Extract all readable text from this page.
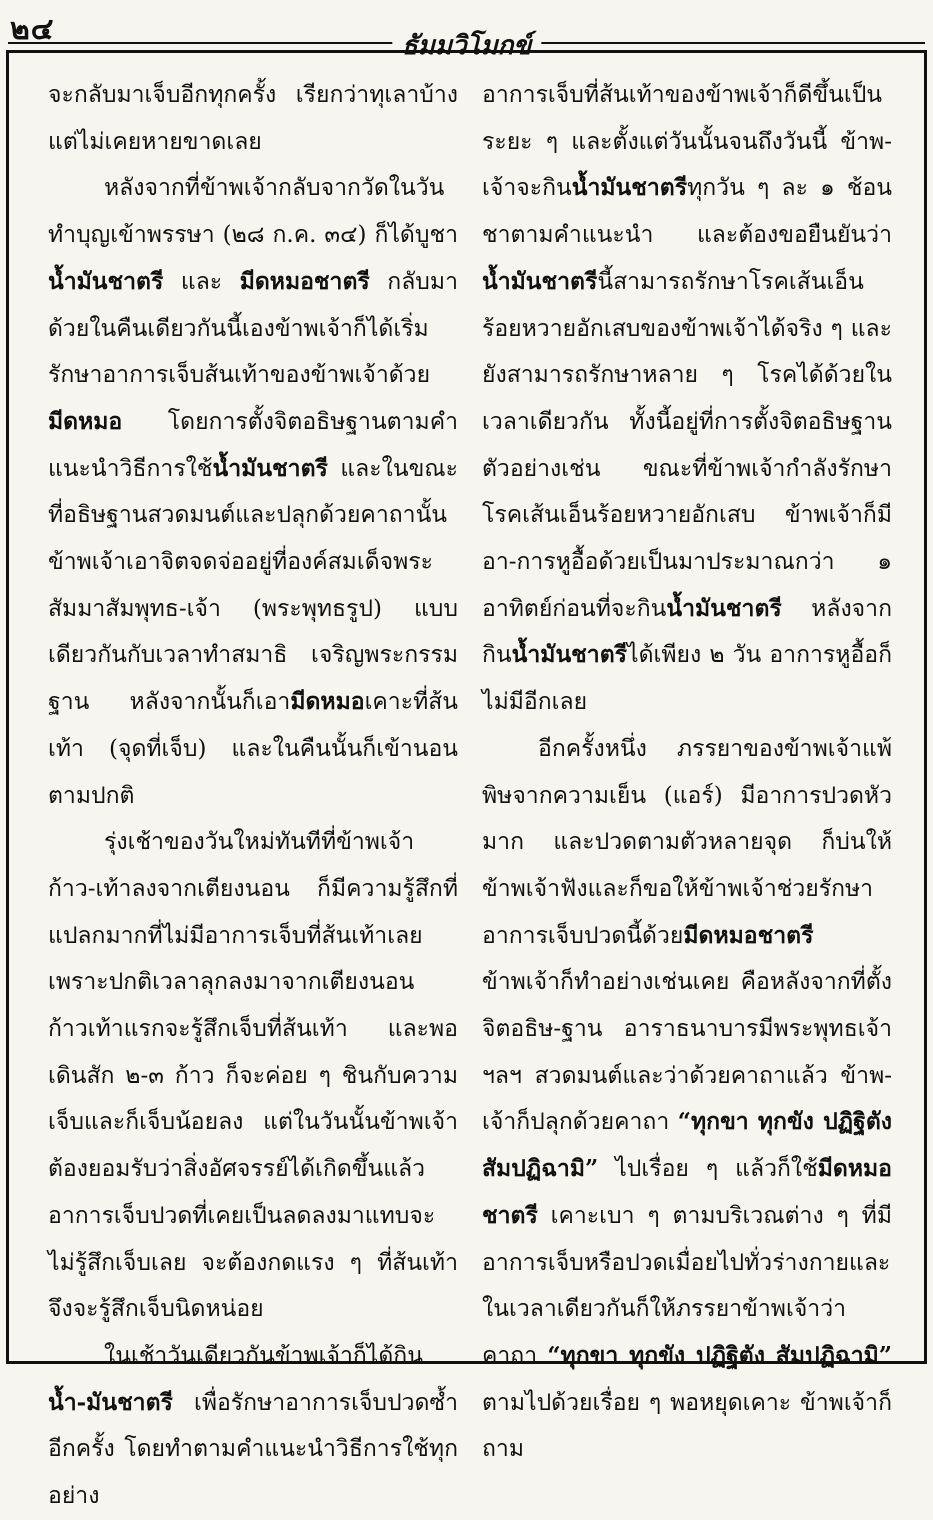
๒๔	ธัมมวิโมกข์

จะกลับมาเจ็บอีกทุกครั้ง เรียกว่าทุเลาบ้าง แต่ไม่เคยหายขาดเลย

หลังจากที่ข้าพเจ้ากลับจากวัดในวันทำบุญเข้าพรรษา (๒๘ ก.ค. ๓๔) ก็ได้บูชา น้ำมันชาตรี และ มีดหมอชาตรี กลับมาด้วยในคืนเดียวกันนี้เองข้าพเจ้าก็ได้เริ่มรักษาอาการเจ็บส้นเท้าของข้าพเจ้าด้วยมีดหมอ โดยการตั้งจิตอธิษฐานตามคำแนะนำวิธีการใช้น้ำมันชาตรี และในขณะที่อธิษฐานสวดมนต์และปลุกด้วยคาถานั้น ข้าพเจ้าเอาจิตจดจ่ออยู่ที่องค์สมเด็จพระสัมมาสัมพุทธ-เจ้า (พระพุทธรูป) แบบเดียวกันกับเวลาทำสมาธิ เจริญพระกรรมฐาน หลังจากนั้นก็เอามีดหมอเคาะที่ส้นเท้า (จุดที่เจ็บ) และในคืนนั้นก็เข้านอนตามปกติ

รุ่งเช้าของวันใหม่ทันทีที่ข้าพเจ้าก้าว-เท้าลงจากเตียงนอน ก็มีความรู้สึกที่แปลกมากที่ไม่มีอาการเจ็บที่ส้นเท้าเลย เพราะปกติเวลาลุกลงมาจากเตียงนอน ก้าวเท้าแรกจะรู้สึกเจ็บที่ส้นเท้า และพอเดินสัก ๒-๓ ก้าว ก็จะค่อย ๆ ชินกับความเจ็บและก็เจ็บน้อยลง แต่ในวันนั้นข้าพเจ้าต้องยอมรับว่าสิ่งอัศจรรย์ได้เกิดขึ้นแล้ว อาการเจ็บปวดที่เคยเป็นลดลงมาแทบจะไม่รู้สึกเจ็บเลย จะต้องกดแรง ๆ ที่ส้นเท้าจึงจะรู้สึกเจ็บนิดหน่อย

ในเช้าวันเดียวกันข้าพเจ้าก็ได้กินน้ำ-มันชาตรี เพื่อรักษาอาการเจ็บปวดซ้ำอีกครั้ง โดยทำตามคำแนะนำวิธีการใช้ทุกอย่าง

อาการเจ็บที่ส้นเท้าของข้าพเจ้าก็ดีขึ้นเป็นระยะ ๆ และตั้งแต่วันนั้นจนถึงวันนี้ ข้าพ-เจ้าจะกินน้ำมันชาตรีทุกวัน ๆ ละ ๑ ช้อนชาตามคำแนะนำ และต้องขอยืนยันว่าน้ำมันชาตรีนี้สามารถรักษาโรคเส้นเอ็นร้อยหวายอักเสบของข้าพเจ้าได้จริง ๆ และยังสามารถรักษาหลาย ๆ โรคได้ด้วยในเวลาเดียวกัน ทั้งนี้อยู่ที่การตั้งจิตอธิษฐาน ตัวอย่างเช่น ขณะที่ข้าพเจ้ากำลังรักษาโรคเส้นเอ็นร้อยหวายอักเสบ ข้าพเจ้าก็มีอา-การหูอื้อด้วยเป็นมาประมาณกว่า ๑ อาทิตย์ก่อนที่จะกินน้ำมันชาตรี หลังจากกินน้ำมันชาตรีได้เพียง ๒ วัน อาการหูอื้อก็ไม่มีอีกเลย

อีกครั้งหนึ่ง ภรรยาของข้าพเจ้าแพ้พิษจากความเย็น (แอร์) มีอาการปวดหัวมาก และปวดตามตัวหลายจุด ก็บ่นให้ข้าพเจ้าฟังและก็ขอให้ข้าพเจ้าช่วยรักษาอาการเจ็บปวดนี้ด้วยมีดหมอชาตรี ข้าพเจ้าก็ทำอย่างเช่นเคย คือหลังจากที่ตั้งจิตอธิษ-ฐาน อาราธนาบารมีพระพุทธเจ้า ฯลฯ สวดมนต์และว่าด้วยคาถาแล้ว ข้าพ-เจ้าก็ปลุกด้วยคาถา “ทุกขา ทุกขัง ปฏิฐิตัง สัมปฏิฉามิ” ไปเรื่อย ๆ แล้วก็ใช้มีดหมอชาตรี เคาะเบา ๆ ตามบริเวณต่าง ๆ ที่มีอาการเจ็บหรือปวดเมื่อยไปทั่วร่างกายและในเวลาเดียวกันก็ให้ภรรยาข้าพเจ้าว่าคาถา “ทุกขา ทุกขัง ปฏิฐิตัง สัมปฏิฉามิ” ตามไปด้วยเรื่อย ๆ พอหยุดเคาะ ข้าพเจ้าก็ถาม
